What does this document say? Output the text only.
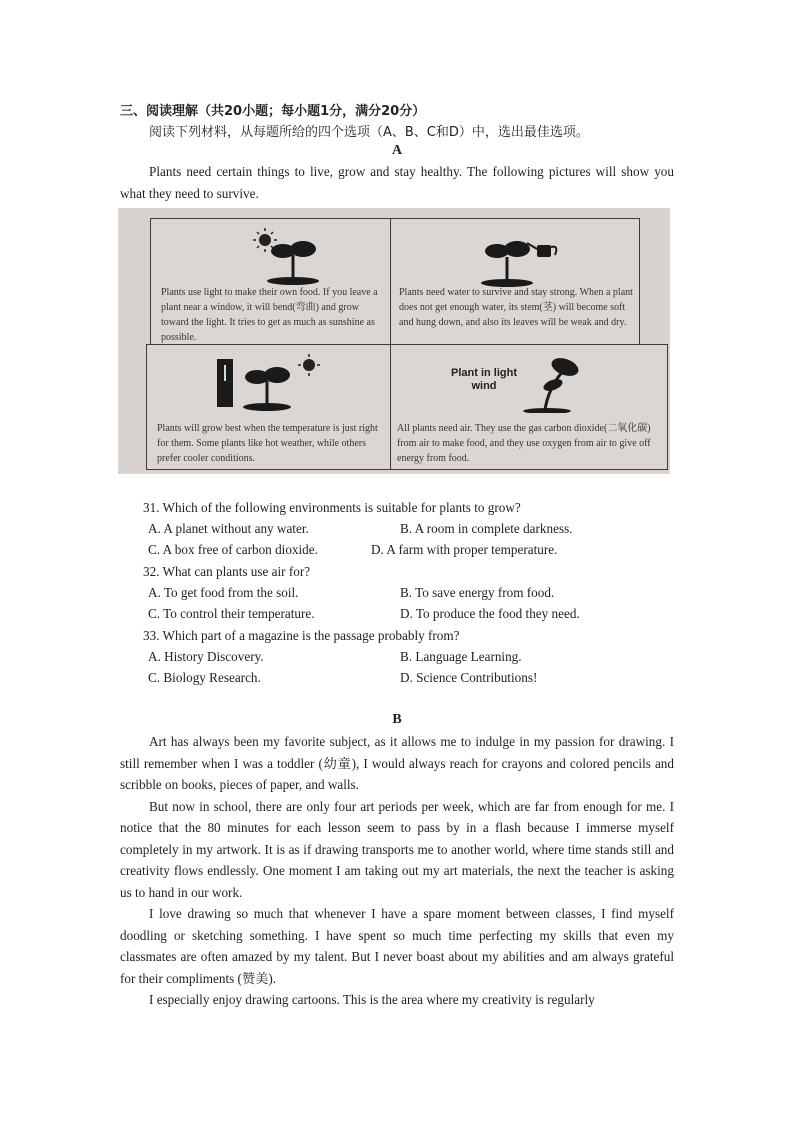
三、阅读理解（共20小题；每小题1分，满分20分）
阅读下列材料，从每题所给的四个选项（A、B、C和D）中，选出最佳选项。
A

Plants need certain things to live, grow and stay healthy. The following pictures will show you what they need to survive.

Plants use light to make their own food. If you leave a plant near a window, it will bend(弯曲) and grow toward the light. It tries to get as much as sunshine as possible.
Plants need water to survive and stay strong. When a plant does not get enough water, its stem(茎) will become soft and hung down, and also its leaves will be weak and dry.
Plants will grow best when the temperature is just right for them. Some plants like hot weather, while others prefer cooler conditions.
Plant in light wind
All plants need air. They use the gas carbon dioxide(二氧化碳) from air to make food, and they use oxygen from air to give off energy from food.
31. Which of the following environments is suitable for plants to grow?
A. A planet without any water.	B. A room in complete darkness.
C. A box free of carbon dioxide.	D. A farm with proper temperature.
32. What can plants use air for?
A. To get food from the soil.	B. To save energy from food.
C. To control their temperature.	D. To produce the food they need.
33. Which part of a magazine is the passage probably from?
A. History Discovery.	B. Language Learning.
C. Biology Research.	D. Science Contributions!
B

Art has always been my favorite subject, as it allows me to indulge in my passion for drawing. I still remember when I was a toddler (幼童), I would always reach for crayons and colored pencils and scribble on books, pieces of paper, and walls.

But now in school, there are only four art periods per week, which are far from enough for me. I notice that the 80 minutes for each lesson seem to pass by in a flash because I immerse myself completely in my artwork. It is as if drawing transports me to another world, where time stands still and creativity flows endlessly. One moment I am taking out my art materials, the next the teacher is asking us to hand in our work.

I love drawing so much that whenever I have a spare moment between classes, I find myself doodling or sketching something. I have spent so much time perfecting my skills that even my classmates are often amazed by my talent. But I never boast about my abilities and am always grateful for their compliments (赞美).

I especially enjoy drawing cartoons. This is the area where my creativity is regularly
